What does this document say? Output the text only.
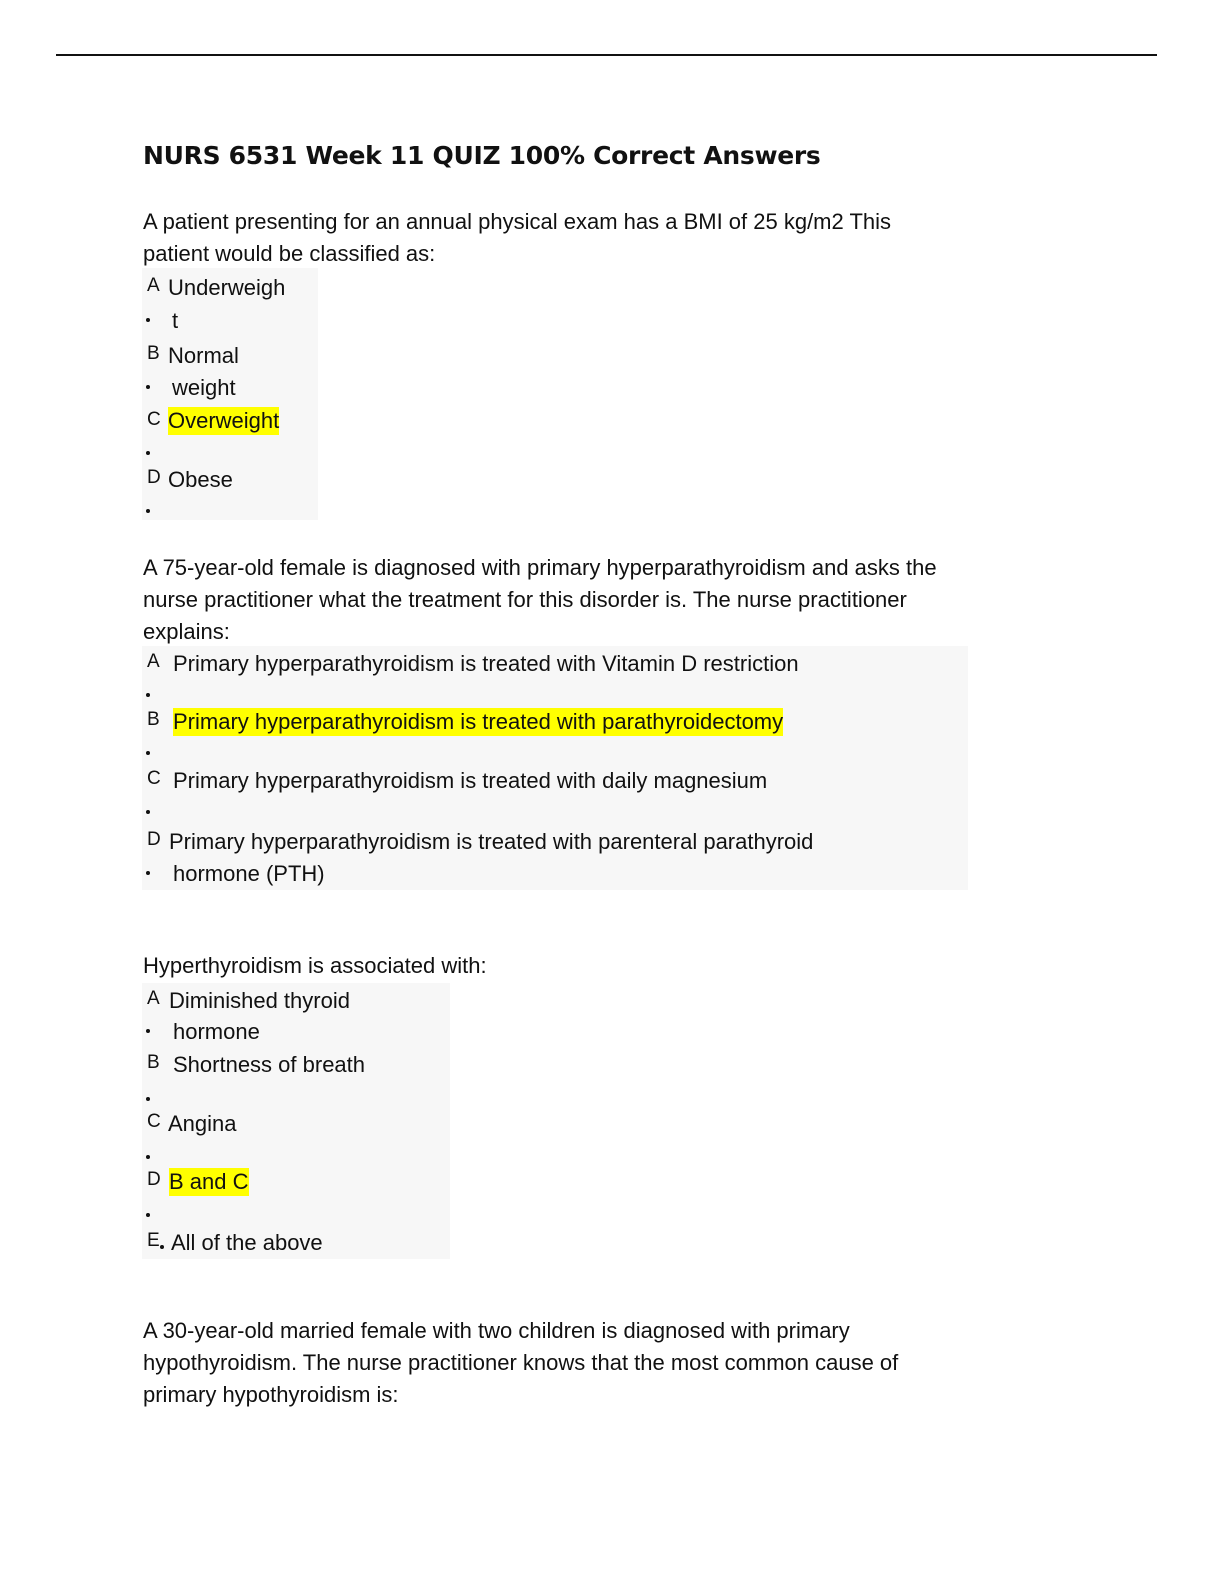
NURS 6531 Week 11 QUIZ 100% Correct Answers
A patient presenting for an annual physical exam has a BMI of 25 kg/m2 This
patient would be classified as:
A Underweigh
t
B Normal
weight
C Overweight
D Obese
A 75-year-old female is diagnosed with primary hyperparathyroidism and asks the
nurse practitioner what the treatment for this disorder is. The nurse practitioner
explains:
A Primary hyperparathyroidism is treated with Vitamin D restriction
B Primary hyperparathyroidism is treated with parathyroidectomy
C Primary hyperparathyroidism is treated with daily magnesium
D Primary hyperparathyroidism is treated with parenteral parathyroid
hormone (PTH)
Hyperthyroidism is associated with:
A Diminished thyroid
hormone
B Shortness of breath
C Angina
D B and C
E All of the above
A 30-year-old married female with two children is diagnosed with primary
hypothyroidism. The nurse practitioner knows that the most common cause of
primary hypothyroidism is:
